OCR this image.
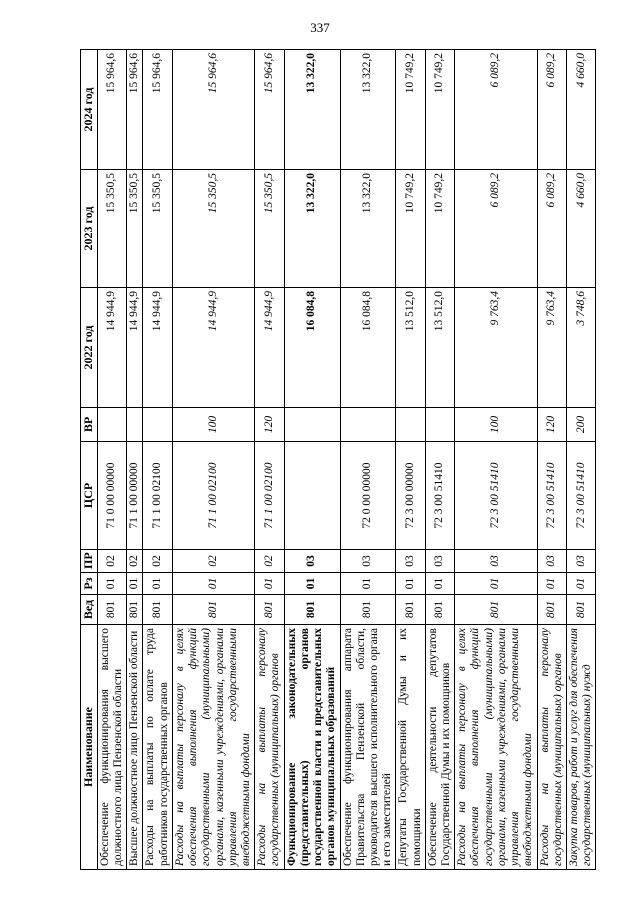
337
Наименование	Вед	Рз	ПР	ЦСР	ВР	2022 год	2023 год	2024 год
Обеспечение функционирования высшего должностного лица Пензенской области	801	01	02	71 0 00 00000		14 944,9	15 350,5	15 964,6
Высшее должностное лицо Пензенской области	801	01	02	71 1 00 00000		14 944,9	15 350,5	15 964,6
Расходы на выплаты по оплате труда работников государственных органов	801	01	02	71 1 00 02100		14 944,9	15 350,5	15 964,6
Расходы на выплаты персоналу в целях обеспечения выполнения функций государственными (муниципальными) органами, казенными учреждениями, органами управления государственными внебюджетными фондами	801	01	02	71 1 00 02100	100	14 944,9	15 350,5	15 964,6
Расходы на выплаты персоналу государственных (муниципальных) органов	801	01	02	71 1 00 02100	120	14 944,9	15 350,5	15 964,6
Функционирование законодательных (представительных) органов государственной власти и представительных органов муниципальных образований	801	01	03			16 084,8	13 322,0	13 322,0
Обеспечение функционирования аппарата Правительства Пензенской области, руководителя высшего исполнительного органа и его заместителей	801	01	03	72 0 00 00000		16 084,8	13 322,0	13 322,0
Депутаты Государственной Думы и их помощники	801	01	03	72 3 00 00000		13 512,0	10 749,2	10 749,2
Обеспечение деятельности депутатов Государственной Думы и их помощников	801	01	03	72 3 00 51410		13 512,0	10 749,2	10 749,2
Расходы на выплаты персоналу в целях обеспечения выполнения функций государственными (муниципальными) органами, казенными учреждениями, органами управления государственными внебюджетными фондами	801	01	03	72 3 00 51410	100	9 763,4	6 089,2	6 089,2
Расходы на выплаты персоналу государственных (муниципальных) органов	801	01	03	72 3 00 51410	120	9 763,4	6 089,2	6 089,2
Закупка товаров, работ и услуг для обеспечения государственных (муниципальных) нужд	801	01	03	72 3 00 51410	200	3 748,6	4 660,0	4 660,0
